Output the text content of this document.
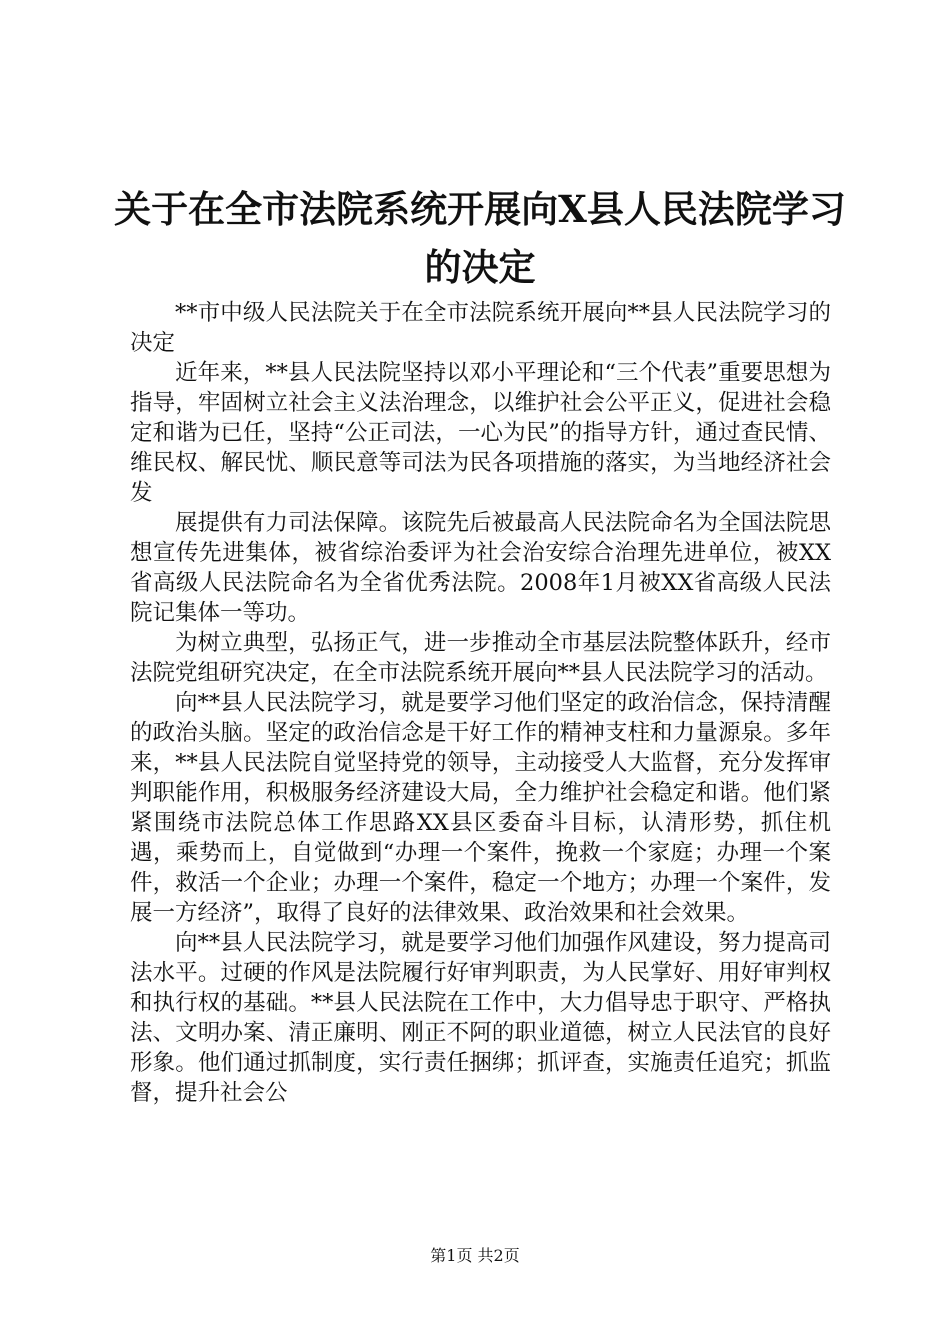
关于在全市法院系统开展向X县人民法院学习的决定

**市中级人民法院关于在全市法院系统开展向**县人民法院学习的决定

近年来，**县人民法院坚持以邓小平理论和“三个代表”重要思想为指导，牢固树立社会主义法治理念，以维护社会公平正义，促进社会稳定和谐为已任，坚持“公正司法，一心为民”的指导方针，通过查民情、维民权、解民忧、顺民意等司法为民各项措施的落实，为当地经济社会发

展提供有力司法保障。该院先后被最高人民法院命名为全国法院思想宣传先进集体，被省综治委评为社会治安综合治理先进单位，被XX省高级人民法院命名为全省优秀法院。2008年1月被XX省高级人民法院记集体一等功。

为树立典型，弘扬正气，进一步推动全市基层法院整体跃升，经市法院党组研究决定，在全市法院系统开展向**县人民法院学习的活动。

向**县人民法院学习，就是要学习他们坚定的政治信念，保持清醒的政治头脑。坚定的政治信念是干好工作的精神支柱和力量源泉。多年来，**县人民法院自觉坚持党的领导，主动接受人大监督，充分发挥审判职能作用，积极服务经济建设大局，全力维护社会稳定和谐。他们紧紧围绕市法院总体工作思路XX县区委奋斗目标，认清形势，抓住机遇，乘势而上，自觉做到“办理一个案件，挽救一个家庭；办理一个案件，救活一个企业；办理一个案件，稳定一个地方；办理一个案件，发展一方经济”，取得了良好的法律效果、政治效果和社会效果。

向**县人民法院学习，就是要学习他们加强作风建设，努力提高司法水平。过硬的作风是法院履行好审判职责，为人民掌好、用好审判权和执行权的基础。**县人民法院在工作中，大力倡导忠于职守、严格执法、文明办案、清正廉明、刚正不阿的职业道德，树立人民法官的良好形象。他们通过抓制度，实行责任捆绑；抓评查，实施责任追究；抓监督，提升社会公

第1页 共2页
